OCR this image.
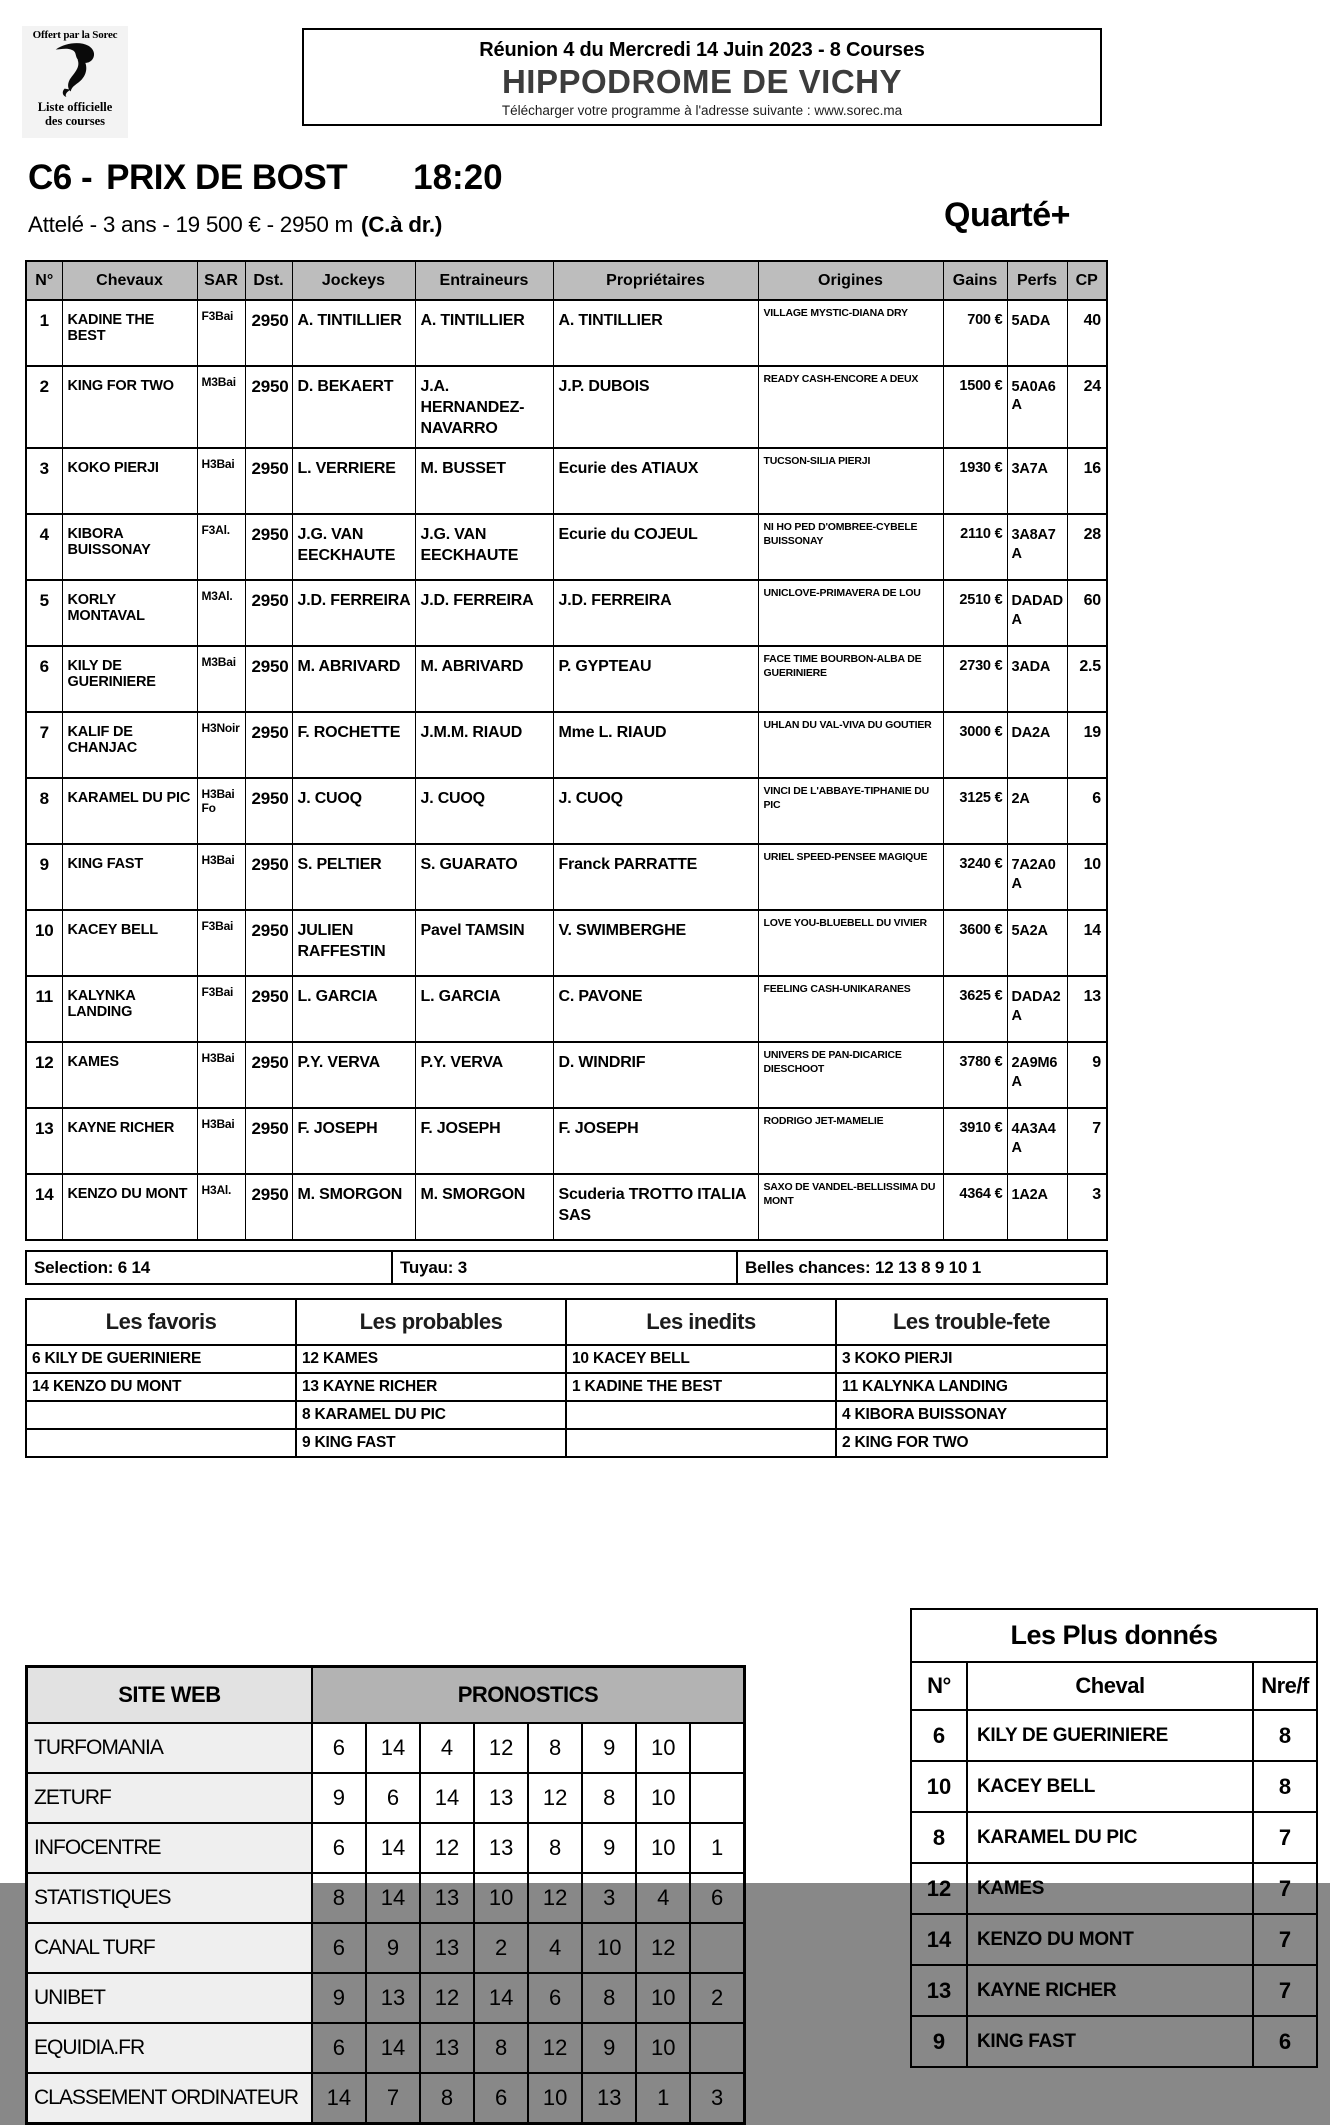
Offert par la Sorec
Liste officielle
des courses
Réunion 4 du Mercredi 14 Juin 2023 - 8 Courses
HIPPODROME DE VICHY
Télécharger votre programme à l'adresse suivante : www.sorec.ma
C6 - PRIX DE BOST 18:20
Attelé - 3 ans - 19 500 € - 2950 m (C.à dr.)	Quarté+
N°	Chevaux	SAR	Dst.	Jockeys	Entraineurs	Propriétaires	Origines	Gains	Perfs	CP
1	KADINE THE BEST	F3Bai	2950	A. TINTILLIER	A. TINTILLIER	A. TINTILLIER	VILLAGE MYSTIC-DIANA DRY	700 €	5ADA	40
2	KING FOR TWO	M3Bai	2950	D. BEKAERT	J.A. HERNANDEZ-NAVARRO	J.P. DUBOIS	READY CASH-ENCORE A DEUX	1500 €	5A0A6A	24
3	KOKO PIERJI	H3Bai	2950	L. VERRIERE	M. BUSSET	Ecurie des ATIAUX	TUCSON-SILIA PIERJI	1930 €	3A7A	16
4	KIBORA BUISSONAY	F3Al.	2950	J.G. VAN EECKHAUTE	J.G. VAN EECKHAUTE	Ecurie du COJEUL	NI HO PED D'OMBREE-CYBELE BUISSONAY	2110 €	3A8A7A	28
5	KORLY MONTAVAL	M3Al.	2950	J.D. FERREIRA	J.D. FERREIRA	J.D. FERREIRA	UNICLOVE-PRIMAVERA DE LOU	2510 €	DADADA	60
6	KILY DE GUERINIERE	M3Bai	2950	M. ABRIVARD	M. ABRIVARD	P. GYPTEAU	FACE TIME BOURBON-ALBA DE GUERINIERE	2730 €	3ADA	2.5
7	KALIF DE CHANJAC	H3Noir	2950	F. ROCHETTE	J.M.M. RIAUD	Mme L. RIAUD	UHLAN DU VAL-VIVA DU GOUTIER	3000 €	DA2A	19
8	KARAMEL DU PIC	H3Bai Fo	2950	J. CUOQ	J. CUOQ	J. CUOQ	VINCI DE L'ABBAYE-TIPHANIE DU PIC	3125 €	2A	6
9	KING FAST	H3Bai	2950	S. PELTIER	S. GUARATO	Franck PARRATTE	URIEL SPEED-PENSEE MAGIQUE	3240 €	7A2A0A	10
10	KACEY BELL	F3Bai	2950	JULIEN RAFFESTIN	Pavel TAMSIN	V. SWIMBERGHE	LOVE YOU-BLUEBELL DU VIVIER	3600 €	5A2A	14
11	KALYNKA LANDING	F3Bai	2950	L. GARCIA	L. GARCIA	C. PAVONE	FEELING CASH-UNIKARANES	3625 €	DADA2A	13
12	KAMES	H3Bai	2950	P.Y. VERVA	P.Y. VERVA	D. WINDRIF	UNIVERS DE PAN-DICARICE DIESCHOOT	3780 €	2A9M6A	9
13	KAYNE RICHER	H3Bai	2950	F. JOSEPH	F. JOSEPH	F. JOSEPH	RODRIGO JET-MAMELIE	3910 €	4A3A4A	7
14	KENZO DU MONT	H3Al.	2950	M. SMORGON	M. SMORGON	Scuderia TROTTO ITALIA SAS	SAXO DE VANDEL-BELLISSIMA DU MONT	4364 €	1A2A	3
Selection: 6 14	Tuyau: 3	Belles chances: 12 13 8 9 10 1
Les favoris	Les probables	Les inedits	Les trouble-fete
6 KILY DE GUERINIERE	12 KAMES	10 KACEY BELL	3 KOKO PIERJI
14 KENZO DU MONT	13 KAYNE RICHER	1 KADINE THE BEST	11 KALYNKA LANDING
	8 KARAMEL DU PIC		4 KIBORA BUISSONAY
	9 KING FAST		2 KING FOR TWO
SITE WEB	PRONOSTICS							
TURFOMANIA	6	14	4	12	8	9	10	
ZETURF	9	6	14	13	12	8	10	
INFOCENTRE	6	14	12	13	8	9	10	1
STATISTIQUES	8	14	13	10	12	3	4	6
CANAL TURF	6	9	13	2	4	10	12	
UNIBET	9	13	12	14	6	8	10	2
EQUIDIA.FR	6	14	13	8	12	9	10	
CLASSEMENT ORDINATEUR	14	7	8	6	10	13	1	3
Les Plus donnés		
N°	Cheval	Nre/f
6	KILY DE GUERINIERE	8
10	KACEY BELL	8
8	KARAMEL DU PIC	7
12	KAMES	7
14	KENZO DU MONT	7
13	KAYNE RICHER	7
9	KING FAST	6
